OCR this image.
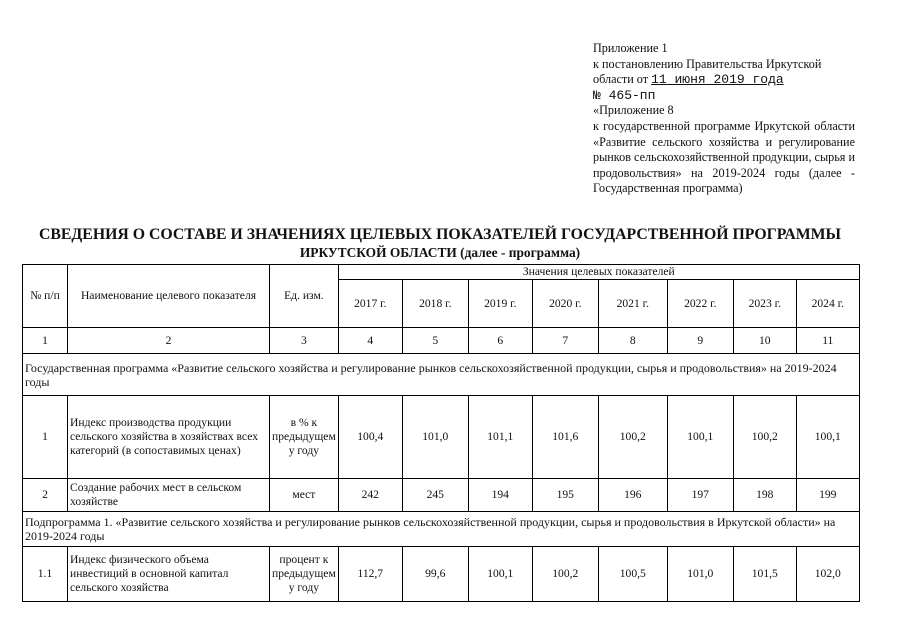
Приложение 1
к постановлению Правительства Иркутской
области от 11 июня 2019 года
№ 465-пп
«Приложение 8
к государственной программе Иркутской области «Развитие сельского хозяйства и регулирование рынков сельскохозяйственной продукции, сырья и продовольствия» на 2019-2024 годы (далее - Государственная программа)
СВЕДЕНИЯ О СОСТАВЕ И ЗНАЧЕНИЯХ ЦЕЛЕВЫХ ПОКАЗАТЕЛЕЙ ГОСУДАРСТВЕННОЙ ПРОГРАММЫ
ИРКУТСКОЙ ОБЛАСТИ (далее - программа)
№ п/п	Наименование целевого показателя	Ед. изм.	Значения целевых показателей							
			2017 г.	2018 г.	2019 г.	2020 г.	2021 г.	2022 г.	2023 г.	2024 г.
1	2	3	4	5	6	7	8	9	10	11
Государственная программа «Развитие сельского хозяйства и регулирование рынков сельскохозяйственной продукции, сырья и продовольствия» на 2019-2024 годы										
1	Индекс производства продукции сельского хозяйства в хозяйствах всех категорий (в сопоставимых ценах)	в % к предыдущем у году	100,4	101,0	101,1	101,6	100,2	100,1	100,2	100,1
2	Создание рабочих мест в сельском хозяйстве	мест	242	245	194	195	196	197	198	199
Подпрограмма 1. «Развитие сельского хозяйства и регулирование рынков сельскохозяйственной продукции, сырья и продовольствия в Иркутской области» на 2019-2024 годы										
1.1	Индекс физического объема инвестиций в основной капитал сельского хозяйства	процент к предыдущем у году	112,7	99,6	100,1	100,2	100,5	101,0	101,5	102,0
